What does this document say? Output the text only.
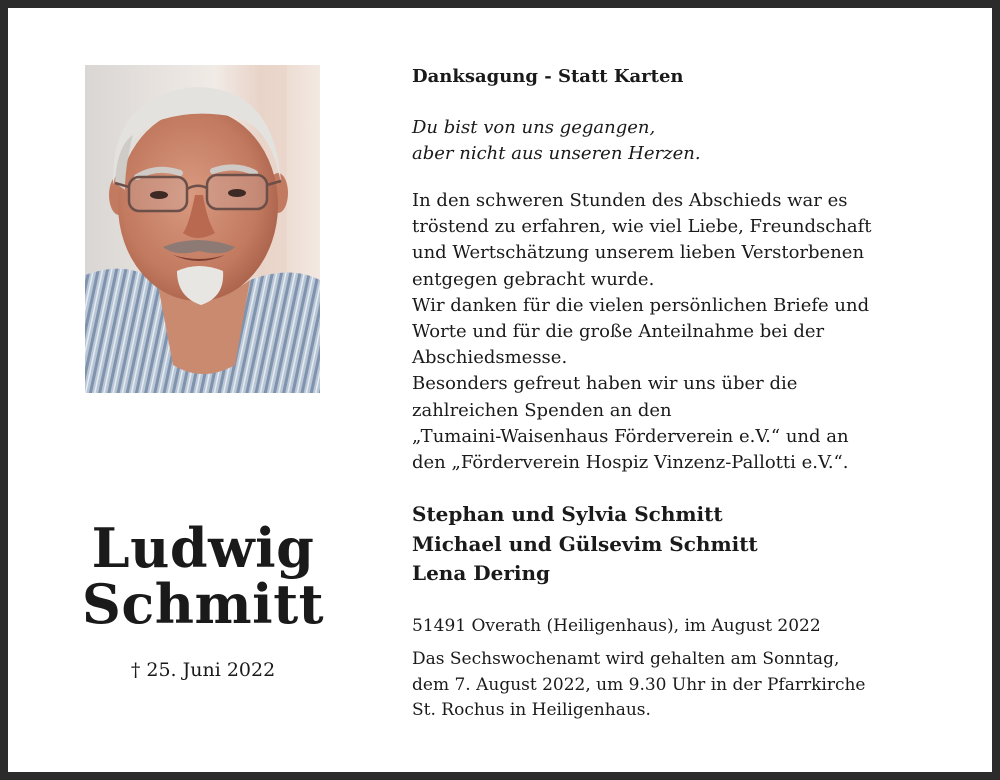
Ludwig
Schmitt
† 25. Juni 2022
Danksagung - Statt Karten
Du bist von uns gegangen,
aber nicht aus unseren Herzen.
In den schweren Stunden des Abschieds war es
tröstend zu erfahren, wie viel Liebe, Freundschaft
und Wertschätzung unserem lieben Verstorbenen
entgegen gebracht wurde.
Wir danken für die vielen persönlichen Briefe und
Worte und für die große Anteilnahme bei der
Abschiedsmesse.
Besonders gefreut haben wir uns über die
zahlreichen Spenden an den
„Tumaini-Waisenhaus Förderverein e.V.“ und an
den „Förderverein Hospiz Vinzenz-Pallotti e.V.“.
Stephan und Sylvia Schmitt
Michael und Gülsevim Schmitt
Lena Dering
51491 Overath (Heiligenhaus), im August 2022
Das Sechswochenamt wird gehalten am Sonntag,
dem 7. August 2022, um 9.30 Uhr in der Pfarrkirche
St. Rochus in Heiligenhaus.
